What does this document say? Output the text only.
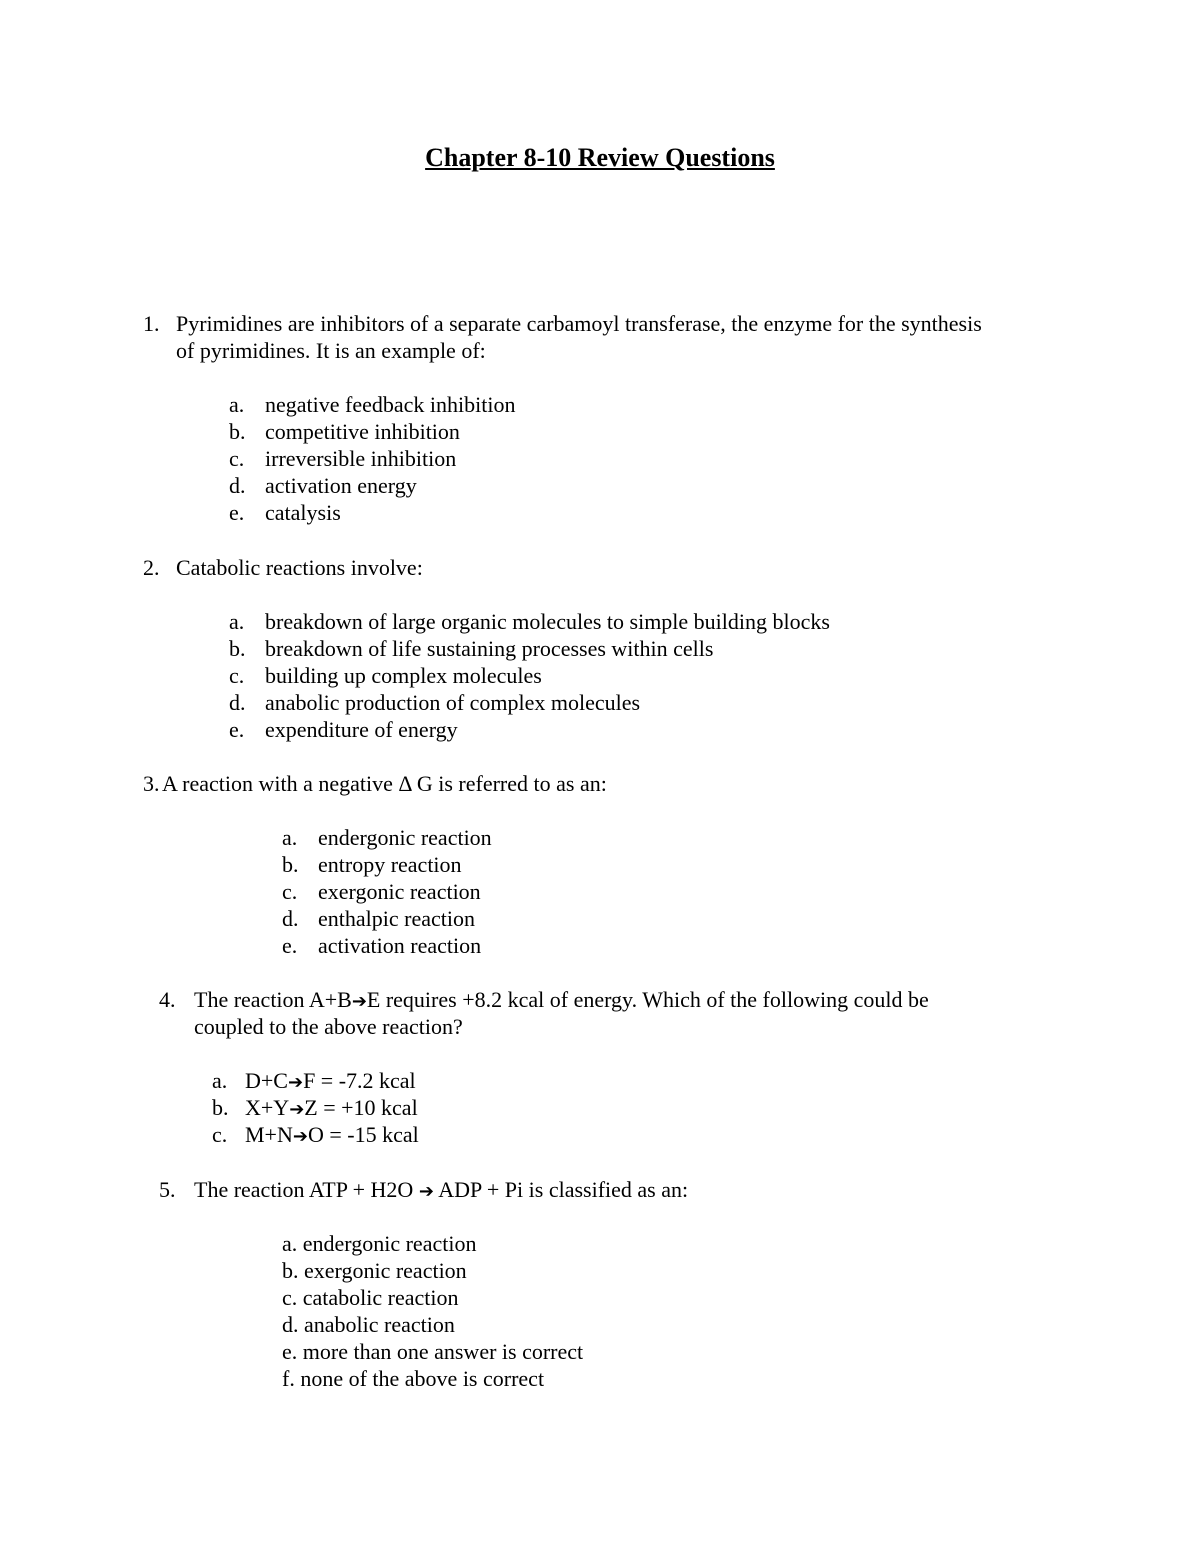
Chapter 8-10 Review Questions
1. Pyrimidines are inhibitors of a separate carbamoyl transferase, the enzyme for the synthesis
of pyrimidines. It is an example of:
a. negative feedback inhibition
b. competitive inhibition
c. irreversible inhibition
d. activation energy
e. catalysis
2. Catabolic reactions involve:
a. breakdown of large organic molecules to simple building blocks
b. breakdown of life sustaining processes within cells
c. building up complex molecules
d. anabolic production of complex molecules
e. expenditure of energy
3. A reaction with a negative Δ G is referred to as an:
a. endergonic reaction
b. entropy reaction
c. exergonic reaction
d. enthalpic reaction
e. activation reaction
4. The reaction A+B➔E requires +8.2 kcal of energy. Which of the following could be
coupled to the above reaction?
a. D+C➔F = -7.2 kcal
b. X+Y➔Z = +10 kcal
c. M+N➔O = -15 kcal
5. The reaction ATP + H2O ➔ ADP + Pi is classified as an:
a. endergonic reaction
b. exergonic reaction
c. catabolic reaction
d. anabolic reaction
e. more than one answer is correct
f. none of the above is correct
